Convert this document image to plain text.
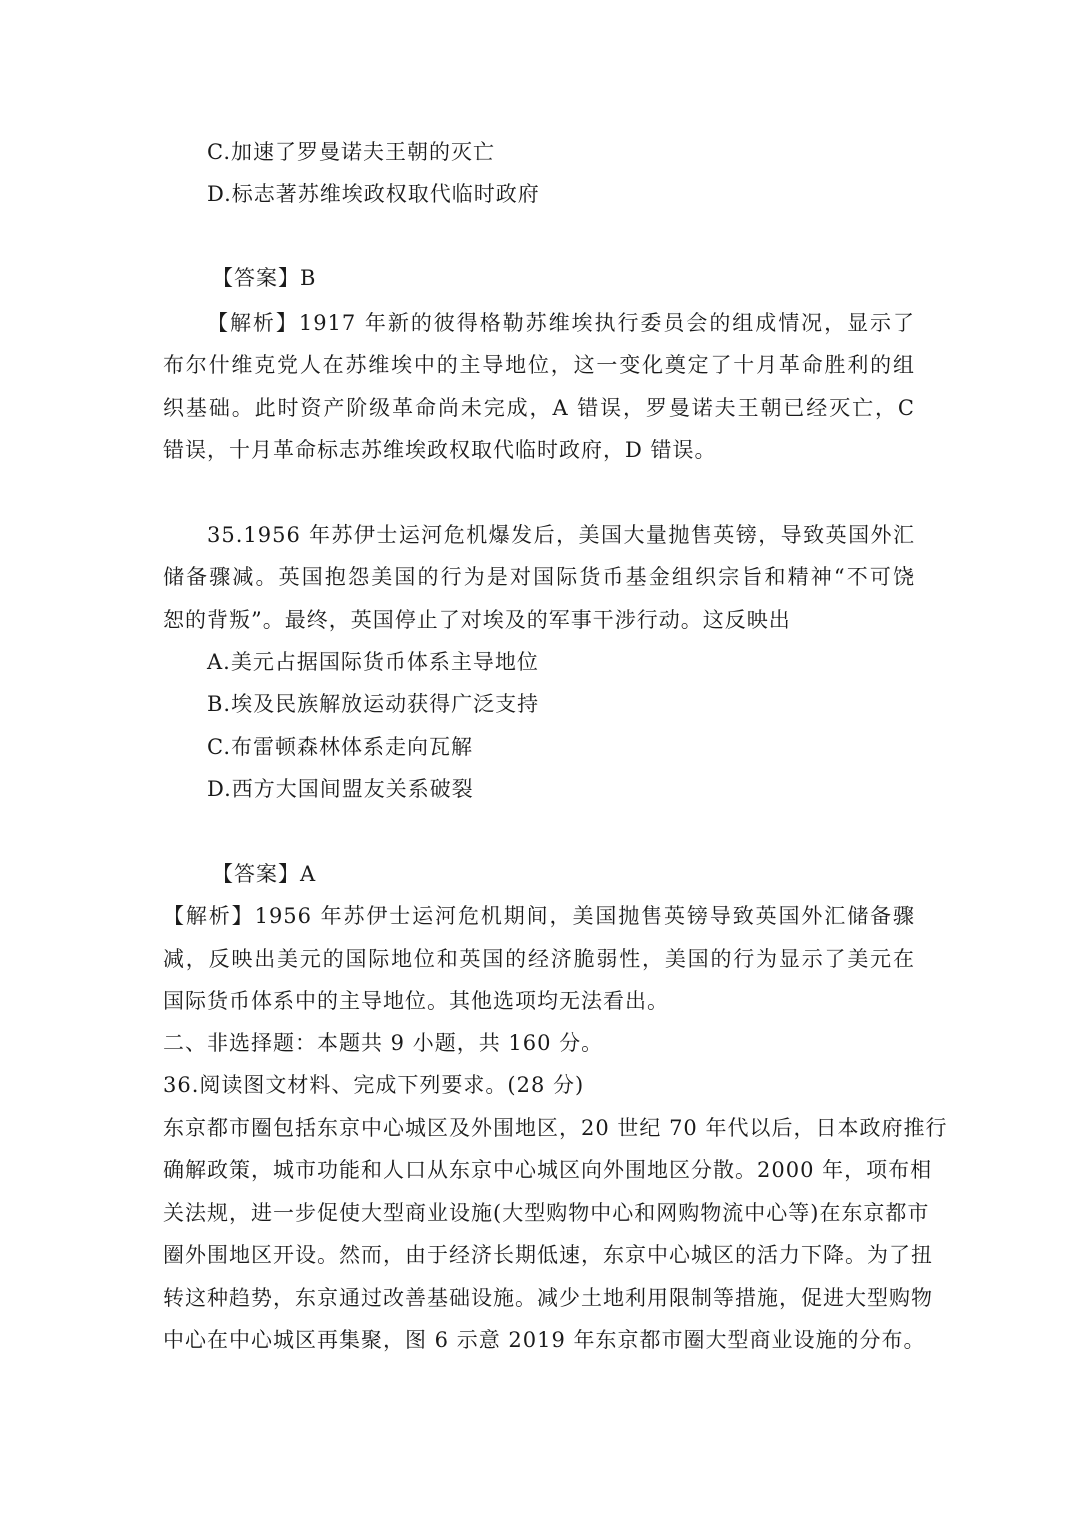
C.加速了罗曼诺夫王朝的灭亡
D.标志著苏维埃政权取代临时政府
【答案】B
【解析】1917 年新的彼得格勒苏维埃执行委员会的组成情况，显示了
布尔什维克党人在苏维埃中的主导地位，这一变化奠定了十月革命胜利的组
织基础。此时资产阶级革命尚未完成，A 错误，罗曼诺夫王朝已经灭亡，C
错误，十月革命标志苏维埃政权取代临时政府，D 错误。
35.1956 年苏伊士运河危机爆发后，美国大量抛售英镑，导致英国外汇
储备骤减。英国抱怨美国的行为是对国际货币基金组织宗旨和精神“不可饶
恕的背叛”。最终，英国停止了对埃及的军事干涉行动。这反映出
A.美元占据国际货币体系主导地位
B.埃及民族解放运动获得广泛支持
C.布雷顿森林体系走向瓦解
D.西方大国间盟友关系破裂
【答案】A
【解析】1956 年苏伊士运河危机期间，美国抛售英镑导致英国外汇储备骤
减，反映出美元的国际地位和英国的经济脆弱性，美国的行为显示了美元在
国际货币体系中的主导地位。其他选项均无法看出。
二、非选择题：本题共 9 小题，共 160 分。
36.阅读图文材料、完成下列要求。(28 分)
东京都市圈包括东京中心城区及外围地区，20 世纪 70 年代以后，日本政府推行
确解政策，城市功能和人口从东京中心城区向外围地区分散。2000 年，项布相
关法规，进一步促使大型商业设施(大型购物中心和网购物流中心等)在东京都市
圈外围地区开设。然而，由于经济长期低速，东京中心城区的活力下降。为了扭
转这种趋势，东京通过改善基础设施。减少土地利用限制等措施，促进大型购物
中心在中心城区再集聚，图 6 示意 2019 年东京都市圈大型商业设施的分布。
